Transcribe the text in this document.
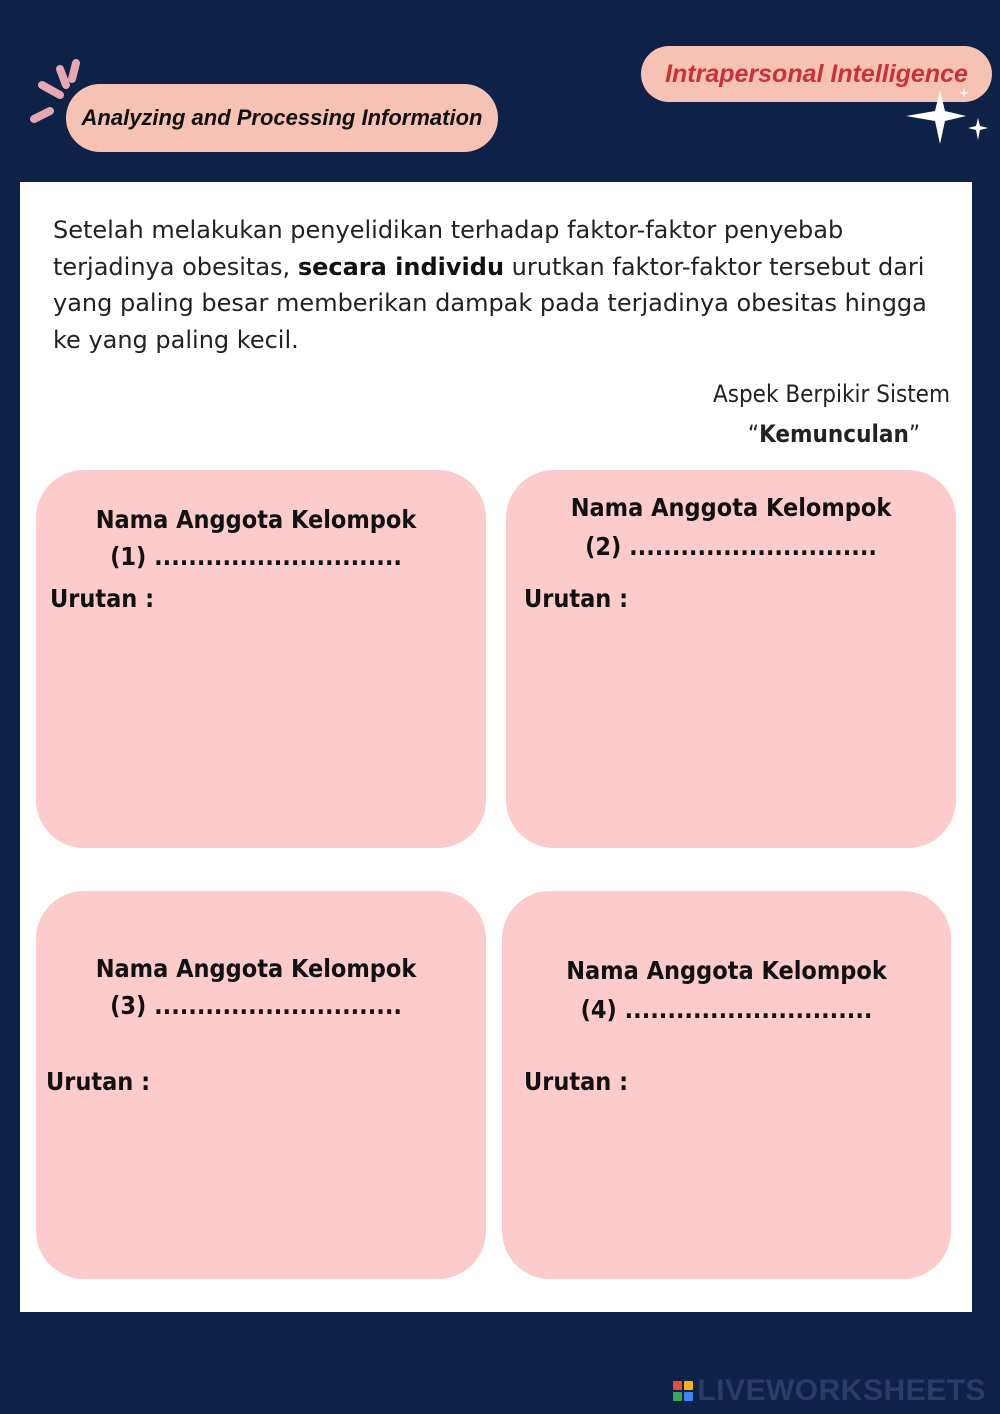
Analyzing and Processing Information
Intrapersonal Intelligence

Setelah melakukan penyelidikan terhadap faktor-faktor penyebab terjadinya obesitas, secara individu urutkan faktor-faktor tersebut dari yang paling besar memberikan dampak pada terjadinya obesitas hingga ke yang paling kecil.

Aspek Berpikir Sistem
“Kemunculan”
Nama Anggota Kelompok
(1) .............................
Urutan :
Nama Anggota Kelompok
(2) .............................
Urutan :
Nama Anggota Kelompok
(3) .............................
Urutan :
Nama Anggota Kelompok
(4) .............................
Urutan :
LIVEWORKSHEETS
